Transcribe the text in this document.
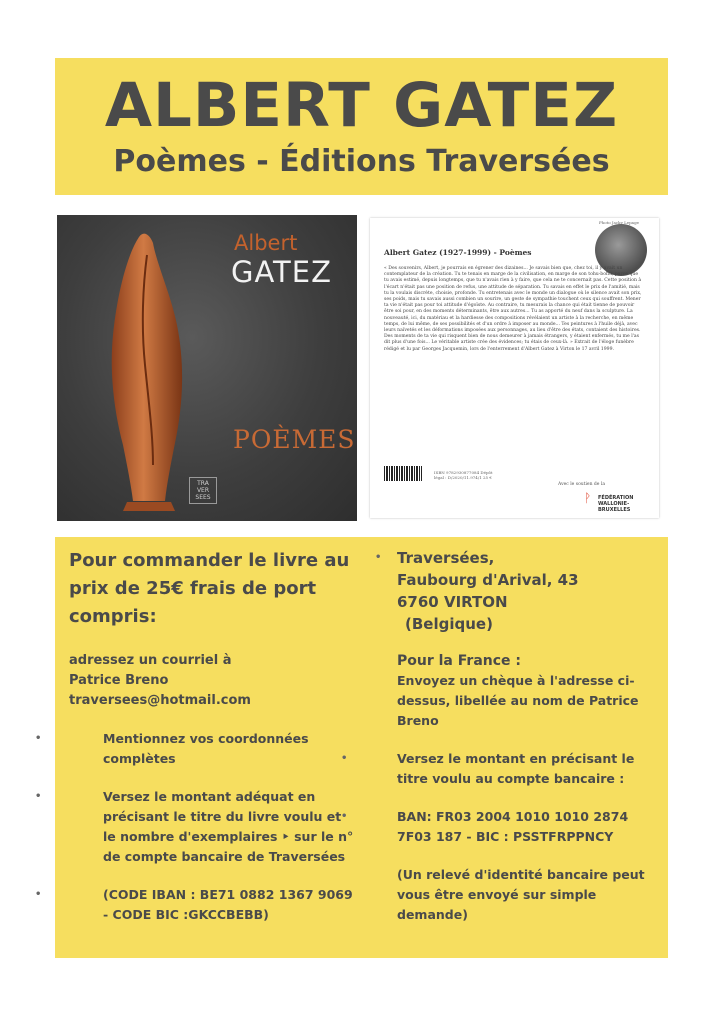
ALBERT GATEZ
Poèmes - Éditions Traversées
Albert
GATEZ
POÈMES
TRA VER SEES
Photo Jacky Lepage
Albert Gatez (1927-1999) - Poèmes
« Des souvenirs, Albert, je pourrais en égrener des dizaines... Je savais bien que, chez toi, il y avait un contemplateur de la création. Tu te tenais en marge de la civilisation, en marge de son tohu-bohu, parce que tu avais estimé, depuis longtemps, que tu n'avais rien à y faire, que cela ne te concernait pas. Cette position à l'écart n'était pas une position de refus, une attitude de séparation. Tu savais en effet le prix de l'amitié, mais tu la voulais discrète, choisie, profonde. Tu entretenais avec le monde un dialogue où le silence avait son prix, ses poids, mais tu savais aussi combien un sourire, un geste de sympathie touchent ceux qui souffrent. Mener ta vie n'était pas pour toi attitude d'égoïste. Au contraire, tu mesurais la chance qui était tienne de pouvoir être soi pour, en des moments déterminants, être aux autres... Tu as apporté du neuf dans la sculpture. La nouveauté, ici, du matériau et la hardiesse des compositions révélaient un artiste à la recherche, en même temps, de lui même, de ses possibilités et d'un ordre à imposer au monde... Tes peintures à l'huile déjà, avec leurs naïvetés et les déformations imposées aux personnages, au lieu d'être des états, contaient des histoires. Des moments de ta vie qui risquent bien de nous demeurer à jamais étrangers, y étaient enfermés, tu me l'as dit plus d'une fois... Le véritable artiste crée des évidences; tu étais de ceux-là. » Extrait de l'éloge funèbre rédigé et lu par Georges Jacquemin, lors de l'enterrement d'Albert Gatez à Virton le 17 avril 1999.
ISBN 9782930877084 Dépôt légal : D/2020/11.974/1 25 €
Avec le soutien de la
ᚹ FÉDÉRATION WALLONIE-BRUXELLES

Pour commander le livre au prix de 25€ frais de port compris:

adressez un courriel à
Patrice Breno traversees@hotmail.com
•	Mentionnez vos coordonnées complètes
•	Versez le montant adéquat en précisant le titre du livre voulu et le nombre d'exemplaires ‣ sur le n° de compte bancaire de Traversées
•	(CODE IBAN : BE71 0882 1367 9069 - CODE BIC :GKCCBEBB)
• Traversées,
Faubourg d'Arival, 43
6760 VIRTON
(Belgique)
Pour la France :
Envoyez un chèque à l'adresse ci-dessus, libellée au nom de Patrice Breno
•	Versez le montant en précisant le titre voulu au compte bancaire :
•	BAN: FR03 2004 1010 1010 2874 7F03 187 - BIC : PSSTFRPPNCY
(Un relevé d'identité bancaire peut vous être envoyé sur simple demande)
